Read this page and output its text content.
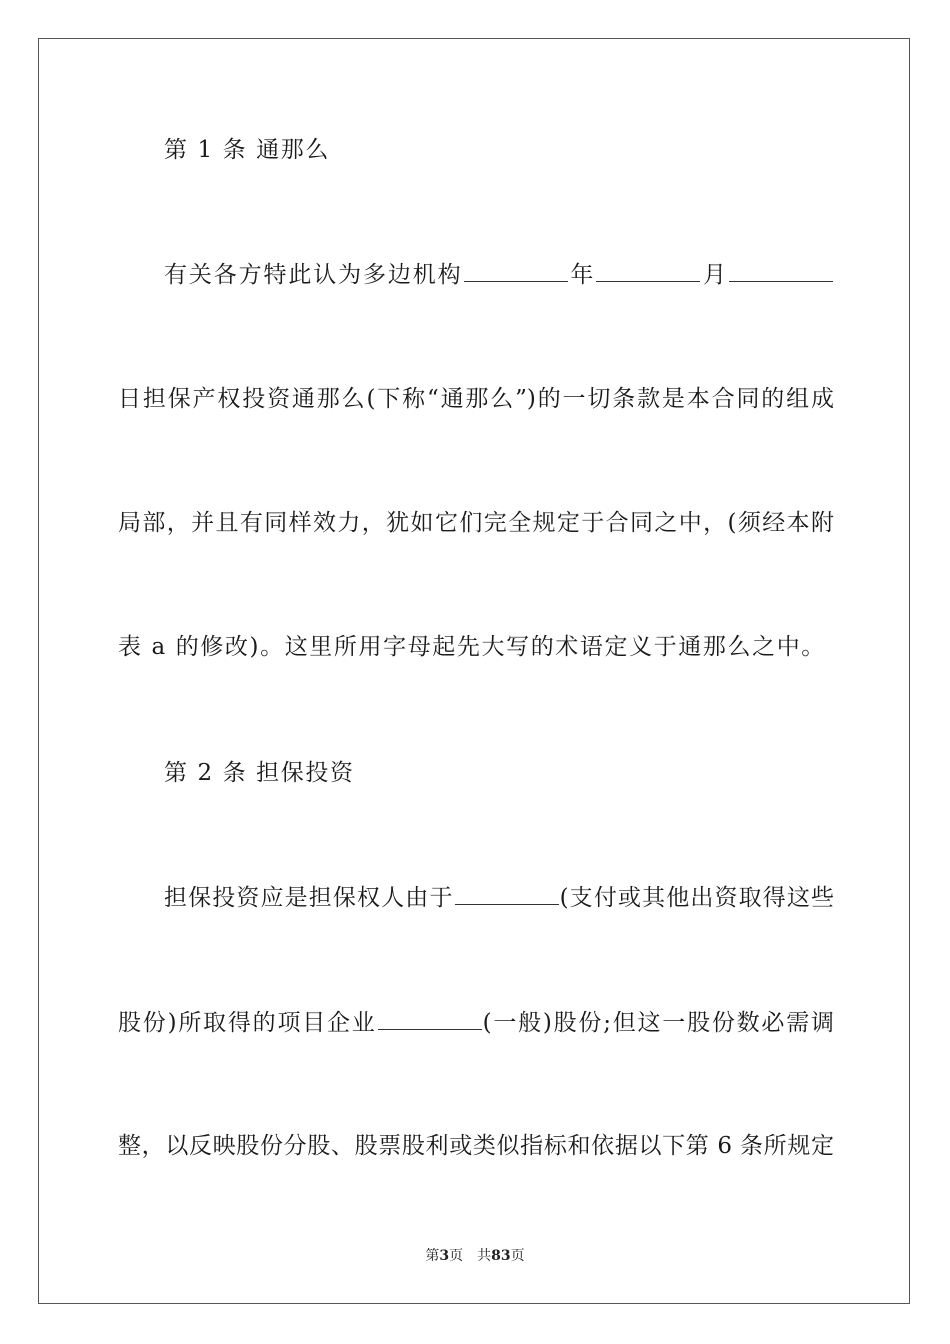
第 1 条 通那么
有关各方特此认为多边机构	年	月
日担保产权投资通那么(下称“通那么”)的一切条款是本合同的组成
局部，并且有同样效力，犹如它们完全规定于合同之中，(须经本附
表 a 的修改)。这里所用字母起先大写的术语定义于通那么之中。
第 2 条 担保投资
担保投资应是担保权人由于	(支付或其他出资取得这些
股份)所取得的项目企业	(一般)股份;但这一股份数必需调
整，以反映股份分股、股票股利或类似指标和依据以下第 6 条所规定
第3页 共83页
